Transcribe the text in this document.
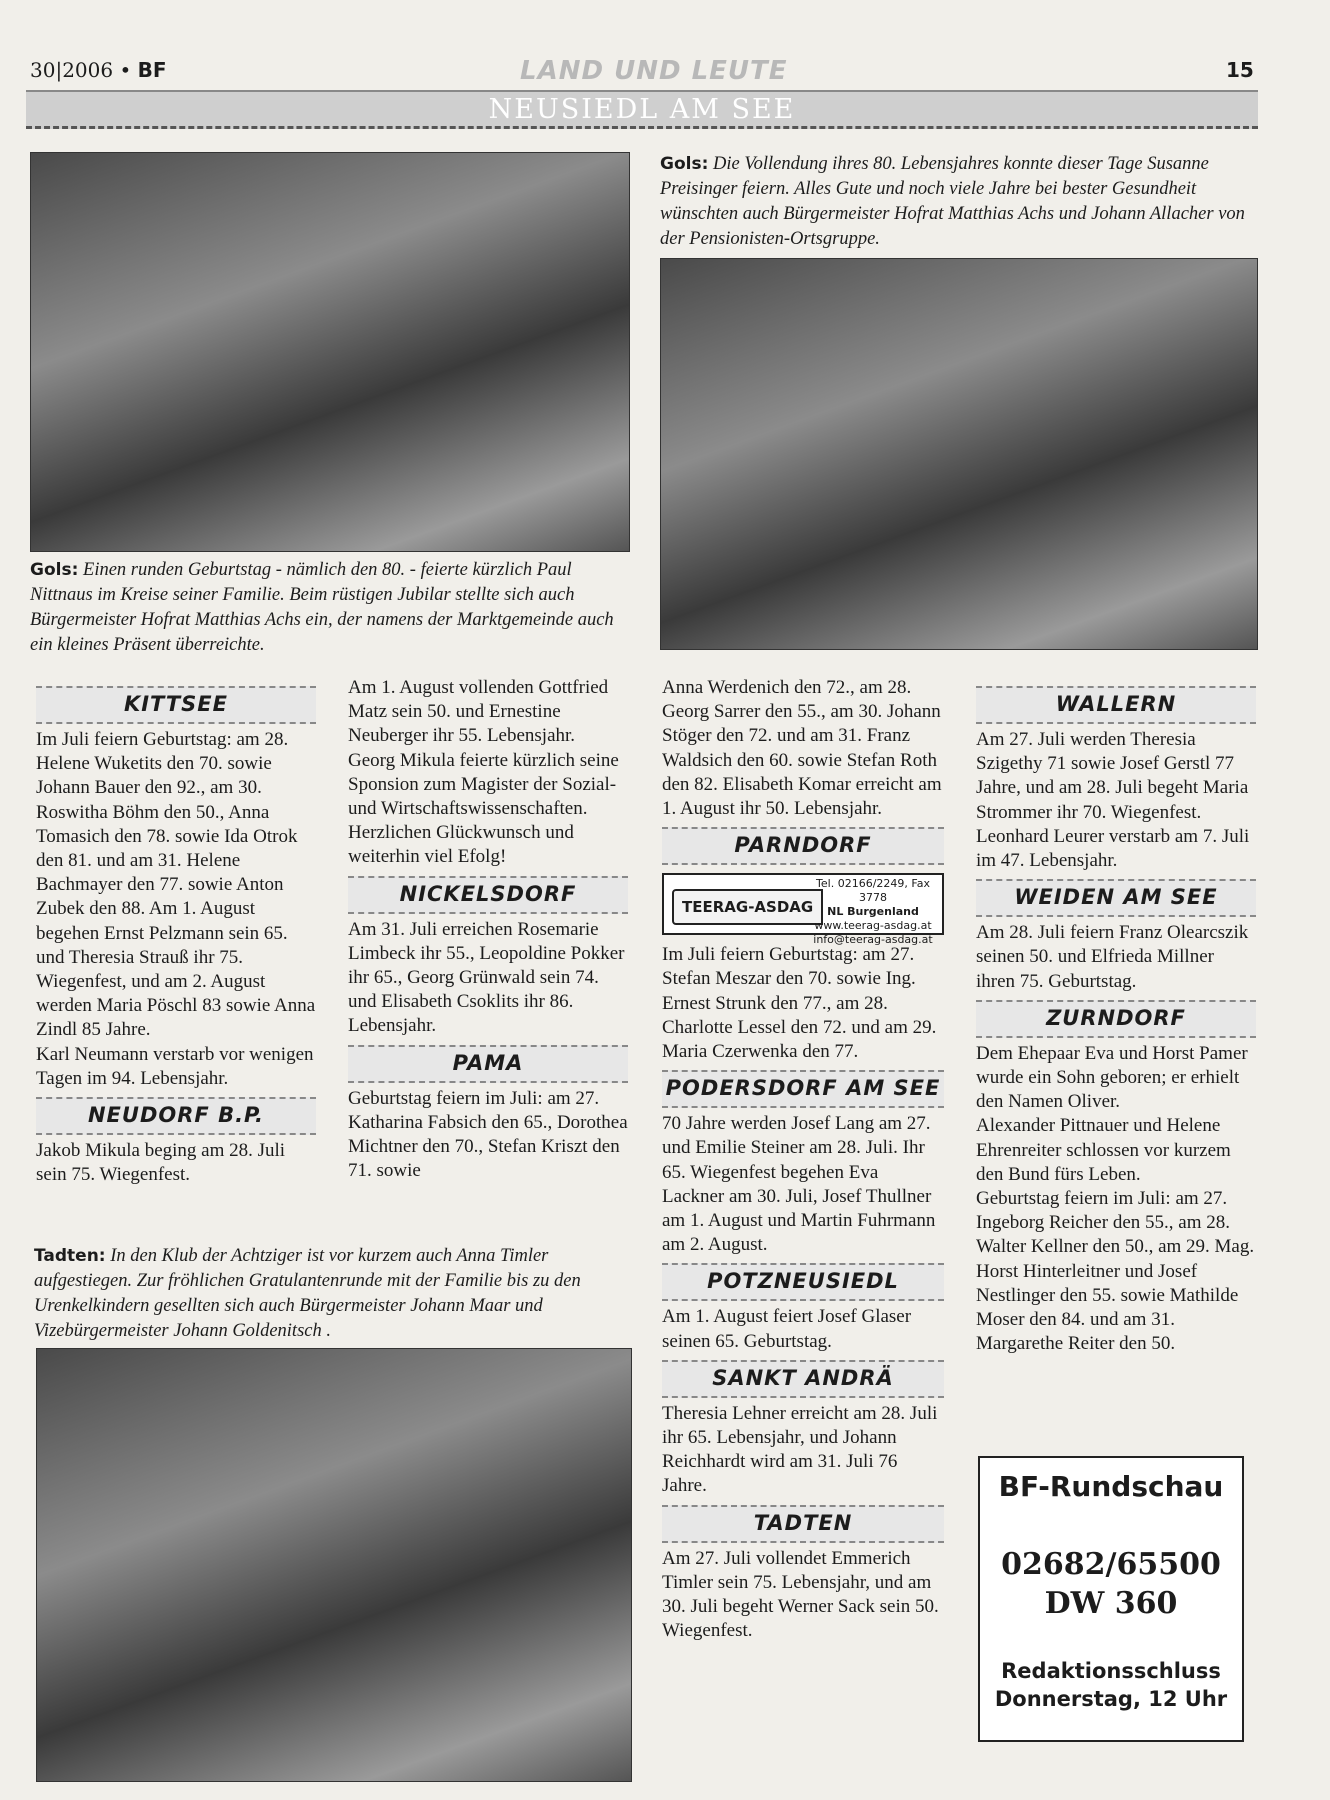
30|2006 • BF	LAND UND LEUTE	15
NEUSIEDL AM SEE
Gols: Einen runden Geburtstag - nämlich den 80. - feierte kürzlich Paul Nittnaus im Kreise seiner Familie. Beim rüstigen Jubilar stellte sich auch Bürgermeister Hofrat Matthias Achs ein, der namens der Marktgemeinde auch ein kleines Präsent überreichte.
Gols: Die Vollendung ihres 80. Lebensjahres konnte dieser Tage Susanne Preisinger feiern. Alles Gute und noch viele Jahre bei bester Gesundheit wünschten auch Bürgermeister Hofrat Matthias Achs und Johann Allacher von der Pensionisten-Ortsgruppe.
KITTSEE

Im Juli feiern Geburtstag: am 28. Helene Wuketits den 70. sowie Johann Bauer den 92., am 30. Roswitha Böhm den 50., Anna Tomasich den 78. sowie Ida Otrok den 81. und am 31. Helene Bachmayer den 77. sowie Anton Zubek den 88. Am 1. August begehen Ernst Pelzmann sein 65. und Theresia Strauß ihr 75. Wiegenfest, und am 2. August werden Maria Pöschl 83 sowie Anna Zindl 85 Jahre.

Karl Neumann verstarb vor wenigen Tagen im 94. Lebensjahr.

NEUDORF B.P.

Jakob Mikula beging am 28. Juli sein 75. Wiegenfest.

Am 1. August vollenden Gottfried Matz sein 50. und Ernestine Neuberger ihr 55. Lebensjahr.

Georg Mikula feierte kürzlich seine Sponsion zum Magister der Sozial- und Wirtschaftswissenschaften. Herzlichen Glückwunsch und weiterhin viel Efolg!

NICKELSDORF

Am 31. Juli erreichen Rosemarie Limbeck ihr 55., Leopoldine Pokker ihr 65., Georg Grünwald sein 74. und Elisabeth Csoklits ihr 86. Lebensjahr.

PAMA

Geburtstag feiern im Juli: am 27. Katharina Fabsich den 65., Dorothea Michtner den 70., Stefan Kriszt den 71. sowie

Tadten: In den Klub der Achtziger ist vor kurzem auch Anna Timler aufgestiegen. Zur fröhlichen Gratulantenrunde mit der Familie bis zu den Urenkelkindern gesellten sich auch Bürgermeister Johann Maar und Vizebürgermeister Johann Goldenitsch .

Anna Werdenich den 72., am 28. Georg Sarrer den 55., am 30. Johann Stöger den 72. und am 31. Franz Waldsich den 60. sowie Stefan Roth den 82. Elisabeth Komar erreicht am 1. August ihr 50. Lebensjahr.

PARNDORF
TEERAG-ASDAG
Tel. 02166/2249, Fax 3778
NL Burgenland
www.teerag-asdag.at
info@teerag-asdag.at

Im Juli feiern Geburtstag: am 27. Stefan Meszar den 70. sowie Ing. Ernest Strunk den 77., am 28. Charlotte Lessel den 72. und am 29. Maria Czerwenka den 77.

PODERSDORF AM SEE

70 Jahre werden Josef Lang am 27. und Emilie Steiner am 28. Juli. Ihr 65. Wiegenfest begehen Eva Lackner am 30. Juli, Josef Thullner am 1. August und Martin Fuhrmann am 2. August.

POTZNEUSIEDL

Am 1. August feiert Josef Glaser seinen 65. Geburtstag.

SANKT ANDRÄ

Theresia Lehner erreicht am 28. Juli ihr 65. Lebensjahr, und Johann Reichhardt wird am 31. Juli 76 Jahre.

TADTEN

Am 27. Juli vollendet Emmerich Timler sein 75. Lebensjahr, und am 30. Juli begeht Werner Sack sein 50. Wiegenfest.

WALLERN

Am 27. Juli werden Theresia Szigethy 71 sowie Josef Gerstl 77 Jahre, und am 28. Juli begeht Maria Strommer ihr 70. Wiegenfest.

Leonhard Leurer verstarb am 7. Juli im 47. Lebensjahr.

WEIDEN AM SEE

Am 28. Juli feiern Franz Olearcszik seinen 50. und Elfrieda Millner ihren 75. Geburtstag.

ZURNDORF

Dem Ehepaar Eva und Horst Pamer wurde ein Sohn geboren; er erhielt den Namen Oliver.

Alexander Pittnauer und Helene Ehrenreiter schlossen vor kurzem den Bund fürs Leben.

Geburtstag feiern im Juli: am 27. Ingeborg Reicher den 55., am 28. Walter Kellner den 50., am 29. Mag. Horst Hinterleitner und Josef Nestlinger den 55. sowie Mathilde Moser den 84. und am 31. Margarethe Reiter den 50.

BF-Rundschau
02682/65500
DW 360
Redaktionsschluss
Donnerstag, 12 Uhr
